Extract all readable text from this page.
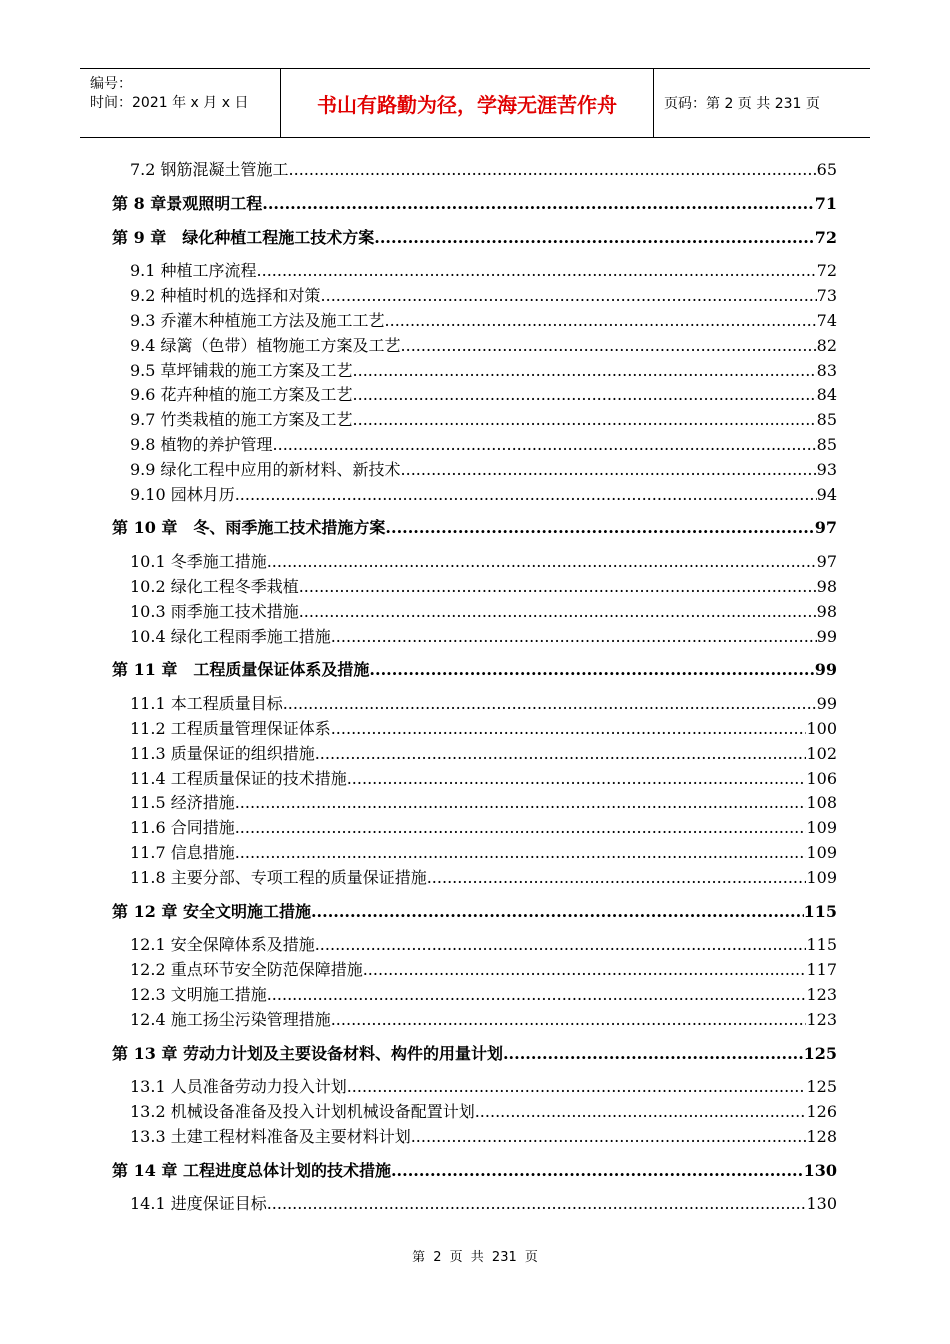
编号：
时间：2021 年 x 月 x 日	书山有路勤为径，学海无涯苦作舟	页码：第 2 页 共 231 页
7.2 钢筋混凝土管施工 .....	65
第 8 章景观照明工程 .....	71
第 9 章　绿化种植工程施工技术方案 .....	72
9.1 种植工序流程 .....	72
9.2 种植时机的选择和对策 .....	73
9.3 乔灌木种植施工方法及施工工艺 .....	74
9.4 绿篱（色带）植物施工方案及工艺 .....	82
9.5 草坪铺栽的施工方案及工艺 .....	83
9.6 花卉种植的施工方案及工艺 .....	84
9.7 竹类栽植的施工方案及工艺 .....	85
9.8 植物的养护管理 .....	85
9.9 绿化工程中应用的新材料、新技术 .....	93
9.10 园林月历 .....	94
第 10 章　冬、雨季施工技术措施方案 .....	97
10.1 冬季施工措施 .....	97
10.2 绿化工程冬季栽植 .....	98
10.3 雨季施工技术措施 .....	98
10.4 绿化工程雨季施工措施 .....	99
第 11 章　工程质量保证体系及措施 .....	99
11.1 本工程质量目标 .....	99
11.2 工程质量管理保证体系 .....	100
11.3 质量保证的组织措施 .....	102
11.4 工程质量保证的技术措施 .....	106
11.5 经济措施 .....	108
11.6 合同措施 .....	109
11.7 信息措施 .....	109
11.8 主要分部、专项工程的质量保证措施 .....	109
第 12 章 安全文明施工措施 .....	115
12.1 安全保障体系及措施 .....	115
12.2 重点环节安全防范保障措施 .....	117
12.3 文明施工措施 .....	123
12.4 施工扬尘污染管理措施 .....	123
第 13 章 劳动力计划及主要设备材料、构件的用量计划 .....	125
13.1 人员准备劳动力投入计划 .....	125
13.2 机械设备准备及投入计划机械设备配置计划 .....	126
13.3 土建工程材料准备及主要材料计划 .....	128
第 14 章 工程进度总体计划的技术措施 .....	130
14.1 进度保证目标 .....	130
第 2 页 共 231 页
